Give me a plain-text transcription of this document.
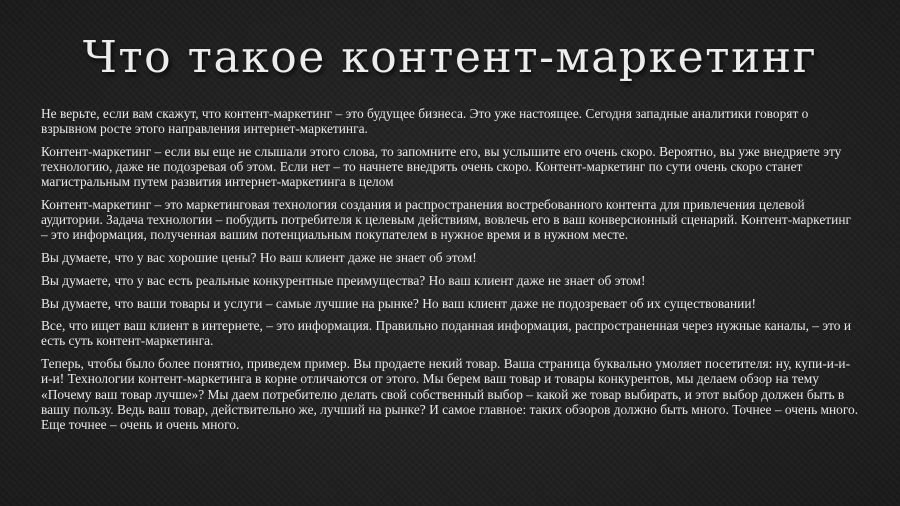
Что такое контент-маркетинг

Не верьте, если вам скажут, что контент-маркетинг – это будущее бизнеса. Это уже настоящее. Сегодня западные аналитики говорят о взрывном росте этого направления интернет-маркетинга.

Контент-маркетинг – если вы еще не слышали этого слова, то запомните его, вы услышите его очень скоро. Вероятно, вы уже внедряете эту технологию, даже не подозревая об этом. Если нет – то начнете внедрять очень скоро. Контент-маркетинг по сути очень скоро станет магистральным путем развития интернет-маркетинга в целом

Контент-маркетинг – это маркетинговая технология создания и распространения востребованного контента для привлечения целевой аудитории. Задача технологии – побудить потребителя к целевым действиям, вовлечь его в ваш конверсионный сценарий. Контент-маркетинг – это информация, полученная вашим потенциальным покупателем в нужное время и в нужном месте.

Вы думаете, что у вас хорошие цены? Но ваш клиент даже не знает об этом!

Вы думаете, что у вас есть реальные конкурентные преимущества? Но ваш клиент даже не знает об этом!

Вы думаете, что ваши товары и услуги – самые лучшие на рынке? Но ваш клиент даже не подозревает об их существовании!

Все, что ищет ваш клиент в интернете, – это информация. Правильно поданная информация, распространенная через нужные каналы, – это и есть суть контент-маркетинга.

Теперь, чтобы было более понятно, приведем пример. Вы продаете некий товар. Ваша страница буквально умоляет посетителя: ну, купи-и-и-и-и! Технологии контент-маркетинга в корне отличаются от этого. Мы берем ваш товар и товары конкурентов, мы делаем обзор на тему «Почему ваш товар лучше»? Мы даем потребителю делать свой собственный выбор – какой же товар выбирать, и этот выбор должен быть в вашу пользу. Ведь ваш товар, действительно же, лучший на рынке? И самое главное: таких обзоров должно быть много. Точнее – очень много. Еще точнее – очень и очень много.
